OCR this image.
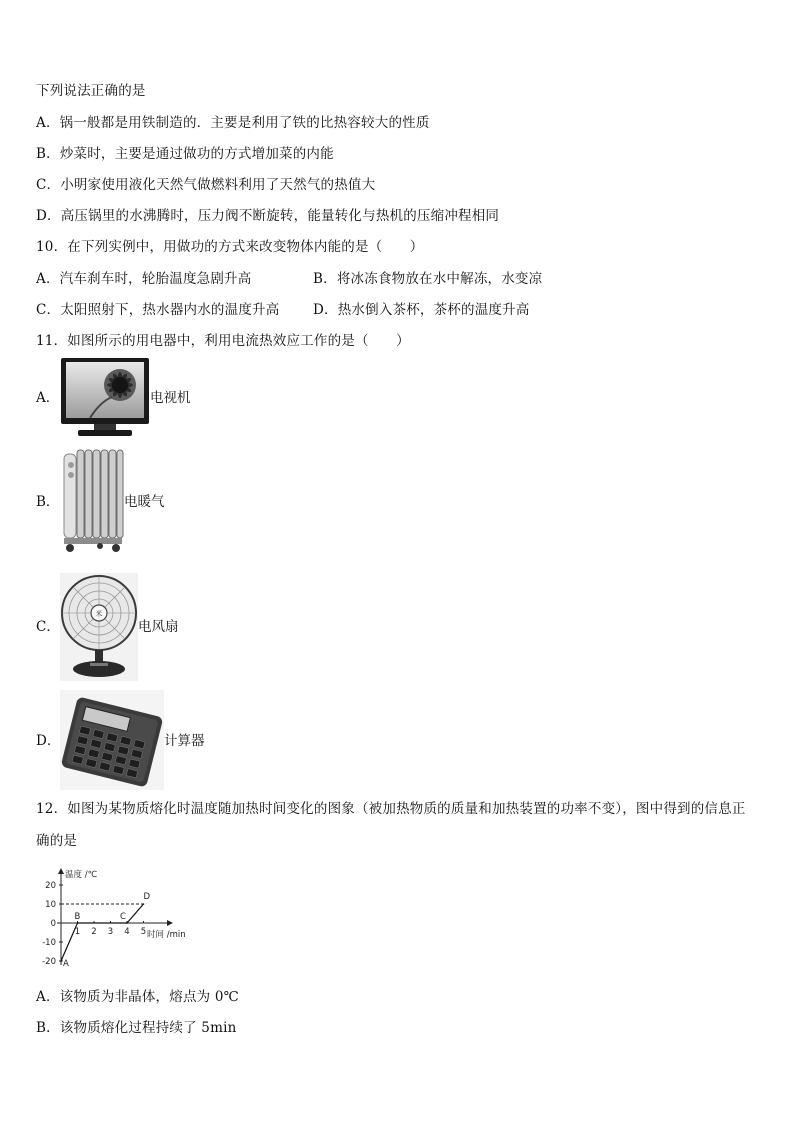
下列说法正确的是
A．锅一般都是用铁制造的．主要是利用了铁的比热容较大的性质
B．炒菜时，主要是通过做功的方式增加菜的内能
C．小明家使用液化天然气做燃料利用了天然气的热值大
D．高压锅里的水沸腾时，压力阀不断旋转，能量转化与热机的压缩冲程相同
10．在下列实例中，用做功的方式来改变物体内能的是（　　）
A．汽车刹车时，轮胎温度急剧升高	B．将冰冻食物放在水中解冻，水变凉
C．太阳照射下，热水器内水的温度升高 D．热水倒入茶杯，茶杯的温度升高
11．如图所示的用电器中，利用电流热效应工作的是（　　）
A．	电视机
B．	电暖气
C．
米
电风扇
D．	计算器
12．如图为某物质熔化时温度随加热时间变化的图象（被加热物质的质量和加热装置的功率不变），图中得到的信息正
确的是
温度 /℃
时间 /min
20
10
0
-10
-20
1 2 3 4 5
A
B	C
D
A．该物质为非晶体，熔点为 0℃
B．该物质熔化过程持续了 5min
